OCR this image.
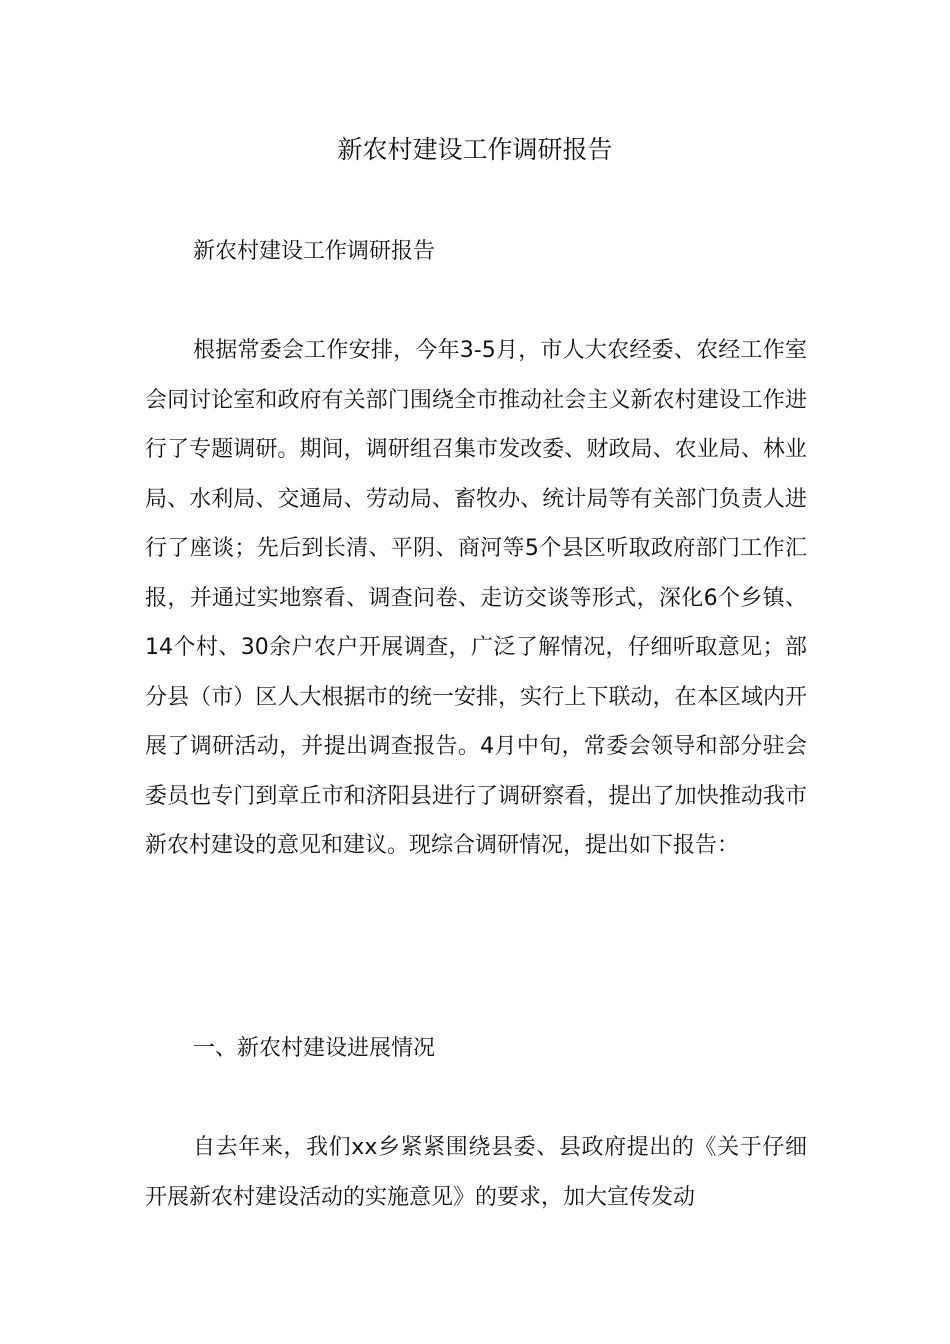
新农村建设工作调研报告

新农村建设工作调研报告

根据常委会工作安排，今年3-5月，市人大农经委、农经工作室会同讨论室和政府有关部门围绕全市推动社会主义新农村建设工作进行了专题调研。期间，调研组召集市发改委、财政局、农业局、林业局、水利局、交通局、劳动局、畜牧办、统计局等有关部门负责人进行了座谈；先后到长清、平阴、商河等5个县区听取政府部门工作汇报，并通过实地察看、调查问卷、走访交谈等形式，深化6个乡镇、14个村、30余户农户开展调查，广泛了解情况，仔细听取意见；部分县（市）区人大根据市的统一安排，实行上下联动，在本区域内开展了调研活动，并提出调查报告。4月中旬，常委会领导和部分驻会委员也专门到章丘市和济阳县进行了调研察看，提出了加快推动我市新农村建设的意见和建议。现综合调研情况，提出如下报告：

一、新农村建设进展情况

自去年来，我们xx乡紧紧围绕县委、县政府提出的《关于仔细开展新农村建设活动的实施意见》的要求，加大宣传发动
